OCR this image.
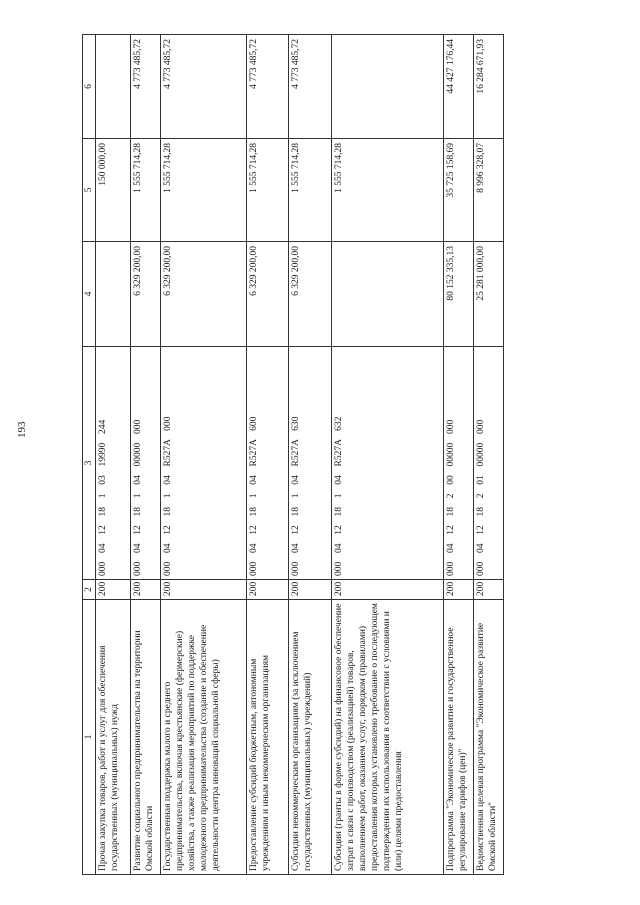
193
1	2	3	4	5	6
Прочая закупка товаров, работ и услуг для обеспечения государственных (муниципальных) нужд	200	000  04  12  18  1  03  19990  244		150 000,00	
Развитие социального предпринимательства на территории Омской области	200	000  04  12  18  1  04  00000  000	6 329 200,00	1 555 714,28	4 773 485,72
Государственная поддержка малого и среднего предпринимательства, включая крестьянские (фермерские) хозяйства, а также реализация мероприятий по поддержке молодежного предпринимательства (создание и обеспечение деятельности центра инноваций социальной сферы)	200	000  04  12  18  1  04  R527A  000	6 329 200,00	1 555 714,28	4 773 485,72
Предоставление субсидий бюджетным, автономным учреждениям и иным некоммерческим организациям	200	000  04  12  18  1  04  R527A  600	6 329 200,00	1 555 714,28	4 773 485,72
Субсидии некоммерческим организациям (за исключением государственных (муниципальных) учреждений)	200	000  04  12  18  1  04  R527A  630	6 329 200,00	1 555 714,28	4 773 485,72
Субсидии (гранты в форме субсидий) на финансовое обеспечение затрат в связи с производством (реализацией) товаров, выполнением работ, оказанием услуг, порядком (правилами) предоставления которых установлено требование о последующем подтверждении их использования в соответствии с условиями и (или) целями предоставления	200	000  04  12  18  1  04  R527A  632		1 555 714,28	
Подпрограмма "Экономическое развитие и государственное регулирование тарифов (цен)"	200	000  04  12  18  2  00  00000  000	80 152 335,13	35 725 158,69	44 427 176,44
Ведомственная целевая программа "Экономическое развитие Омской области"	200	000  04  12  18  2  01  00000  000	25 281 000,00	8 996 328,07	16 284 671,93
